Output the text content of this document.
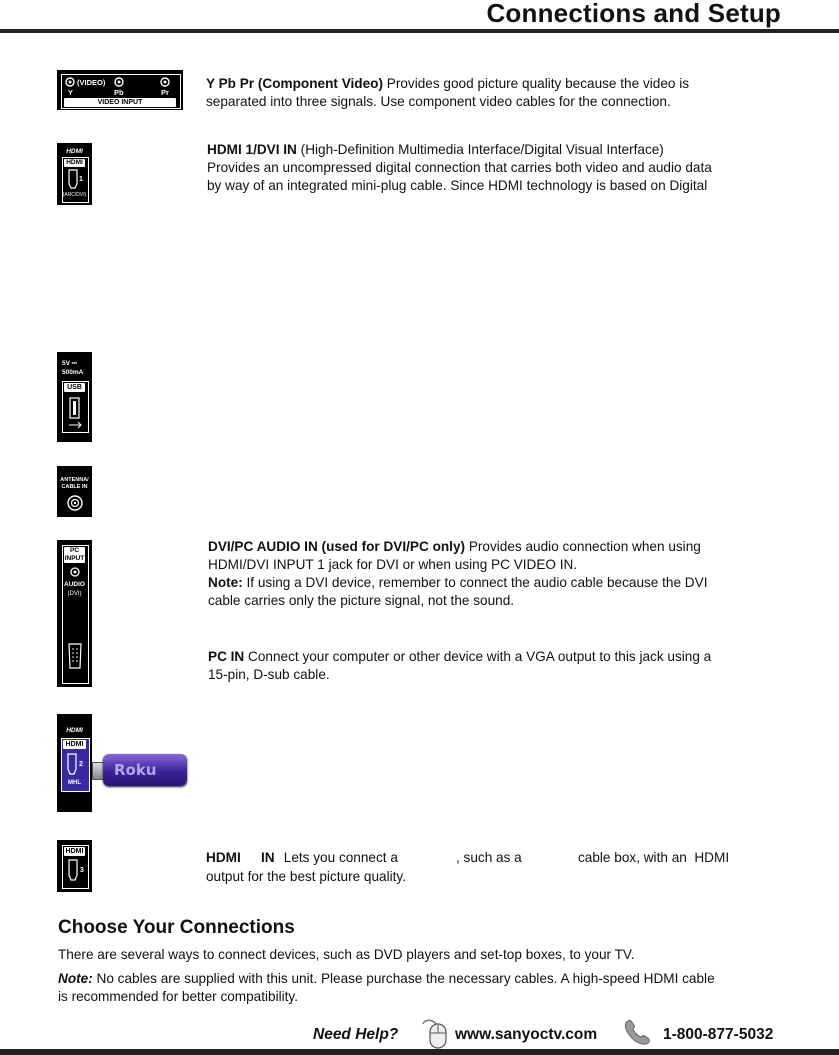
Connections and Setup
(VIDEO)
Y	Pb	Pr
VIDEO INPUT
Y Pb Pr (Component Video) Provides good picture quality because the video is
separated into three signals. Use component video cables for the connection.
HDMI
HDMI
1
(ARC/DVI)
HDMI 1/DVI IN (High-Definition Multimedia Interface/Digital Visual Interface)
Provides an uncompressed digital connection that carries both video and audio data
by way of an integrated mini-plug cable. Since HDMI technology is based on Digital
5V ⎓
500mA
USB
ANTENNA/
CABLE IN
PC
INPUT
AUDIO
(DVI)
DVI/PC AUDIO IN (used for DVI/PC only) Provides audio connection when using
HDMI/DVI INPUT 1 jack for DVI or when using PC VIDEO IN.
Note: If using a DVI device, remember to connect the audio cable because the DVI
cable carries only the picture signal, not the sound.
PC IN Connect your computer or other device with a VGA output to this jack using a
15-pin, D-sub cable.
HDMI
HDMI
2
MHL
Roku
HDMI
3
HDMI IN Lets you connect a	, such as a	cable box, with an  HDMI
output for the best picture quality.
Choose Your Connections
There are several ways to connect devices, such as DVD players and set-top boxes, to your TV.
Note: No cables are supplied with this unit. Please purchase the necessary cables. A high-speed HDMI cable
is recommended for better compatibility.
Need Help?	www.sanyoctv.com	1-800-877-5032
